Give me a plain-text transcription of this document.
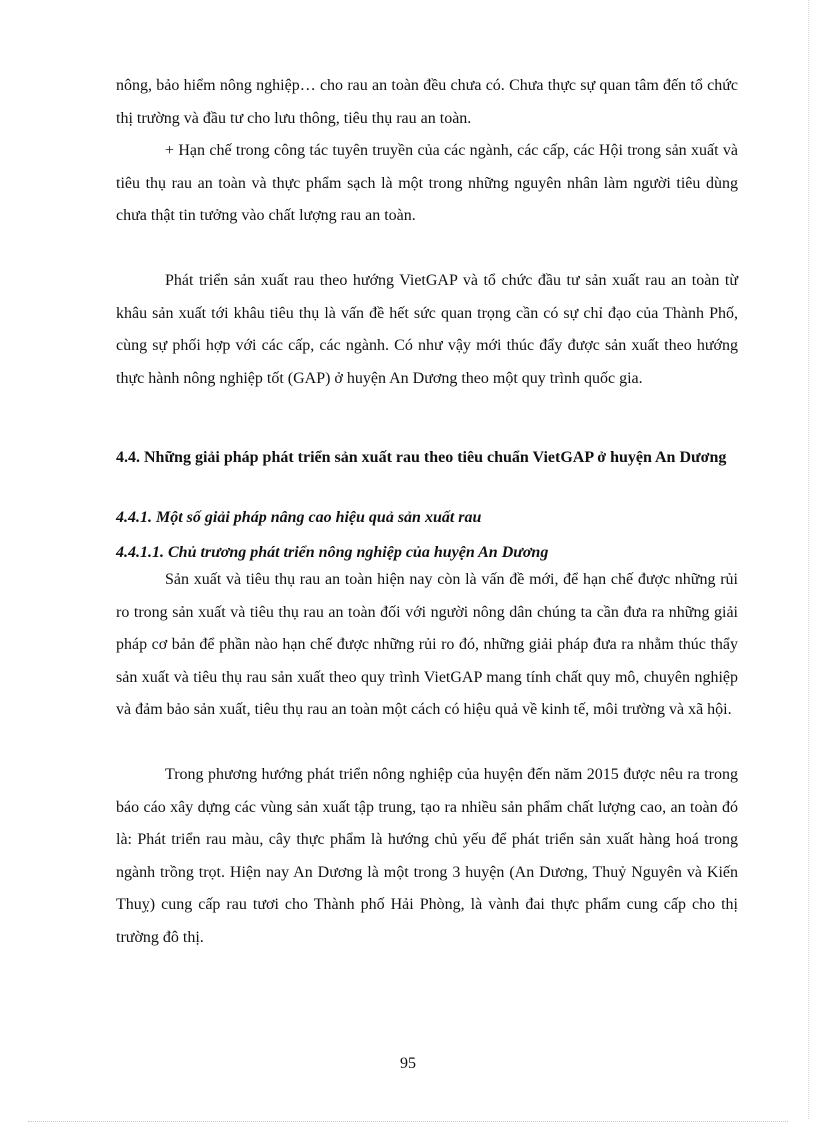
nông, bảo hiểm nông nghiệp… cho rau an toàn đều chưa có. Chưa thực sự quan tâm đến tổ chức thị trường và đầu tư cho lưu thông, tiêu thụ rau an toàn.

+ Hạn chế trong công tác tuyên truyền của các ngành, các cấp, các Hội trong sản xuất và tiêu thụ rau an toàn và thực phẩm sạch là một trong những nguyên nhân làm người tiêu dùng chưa thật tin tưởng vào chất lượng rau an toàn.

Phát triển sản xuất rau theo hướng VietGAP và tổ chức đầu tư sản xuất rau an toàn từ khâu sản xuất tới khâu tiêu thụ là vấn đề hết sức quan trọng cần có sự chỉ đạo của Thành Phố, cùng sự phối hợp với các cấp, các ngành. Có như vậy mới thúc đẩy được sản xuất theo hướng thực hành nông nghiệp tốt (GAP) ở huyện An Dương theo một quy trình quốc gia.

4.4. Những giải pháp phát triển sản xuất rau theo tiêu chuẩn VietGAP ở huyện An Dương
4.4.1. Một số giải pháp nâng cao hiệu quả sản xuất rau
4.4.1.1. Chủ trương phát triển nông nghiệp của huyện An Dương

Sản xuất và tiêu thụ rau an toàn hiện nay còn là vấn đề mới, để hạn chế được những rủi ro trong sản xuất và tiêu thụ rau an toàn đối với người nông dân chúng ta cần đưa ra những giải pháp cơ bản để phần nào hạn chế được những rủi ro đó, những giải pháp đưa ra nhằm thúc thẩy sản xuất và tiêu thụ rau sản xuất theo quy trình VietGAP mang tính chất quy mô, chuyên nghiệp và đảm bảo sản xuất, tiêu thụ rau an toàn một cách có hiệu quả về kinh tế, môi trường và xã hội.

Trong phương hướng phát triển nông nghiệp của huyện đến năm 2015 được nêu ra trong báo cáo xây dựng các vùng sản xuất tập trung, tạo ra nhiều sản phẩm chất lượng cao, an toàn đó là: Phát triển rau màu, cây thực phẩm là hướng chủ yếu để phát triển sản xuất hàng hoá trong ngành trồng trọt. Hiện nay An Dương là một trong 3 huyện (An Dương, Thuỷ Nguyên và Kiến Thuỵ) cung cấp rau tươi cho Thành phố Hải Phòng, là vành đai thực phẩm cung cấp cho thị trường đô thị.

95
